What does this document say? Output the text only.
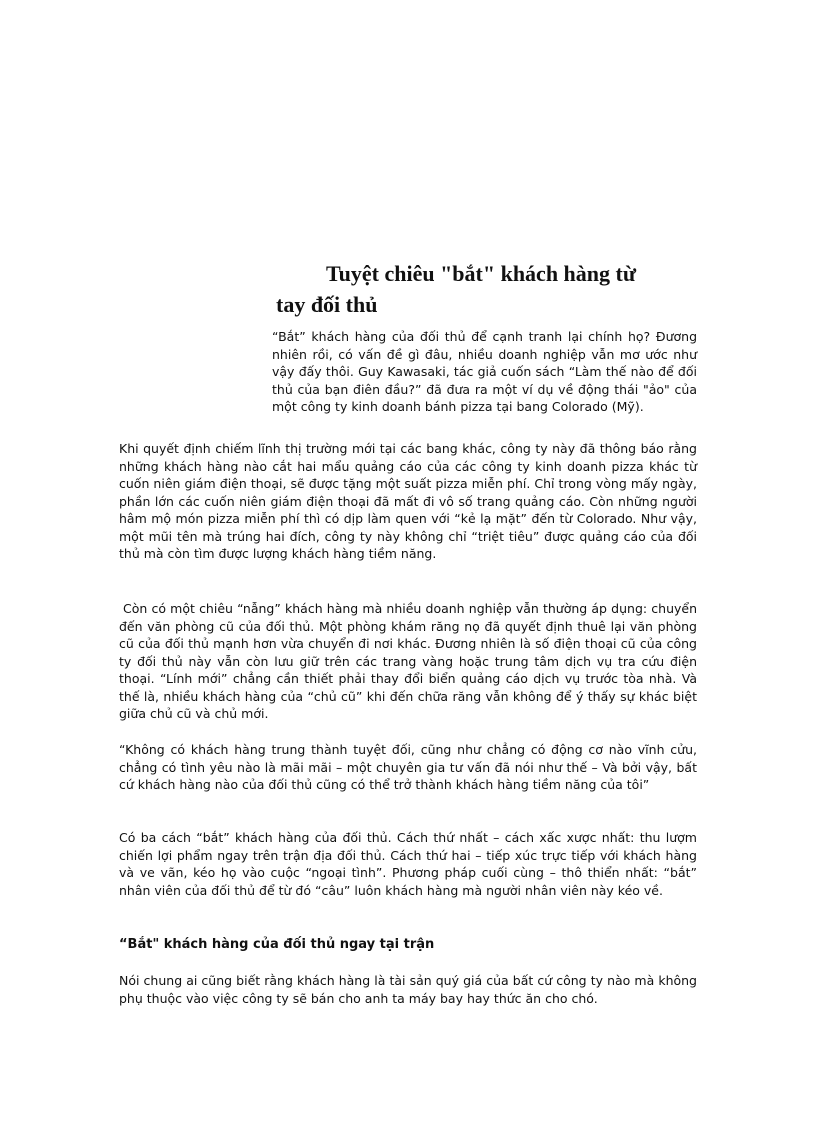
Tuyệt chiêu "bắt" khách hàng từ
tay đối thủ

“Bắt” khách hàng của đối thủ để cạnh tranh lại chính họ? Đương nhiên rồi, có vấn đề gì đâu, nhiều doanh nghiệp vẫn mơ ước như vậy đấy thôi. Guy Kawasaki, tác giả cuốn sách “Làm thế nào để đối thủ của bạn điên đầu?” đã đưa ra một ví dụ về động thái "ảo" của một công ty kinh doanh bánh pizza tại bang Colorado (Mỹ).

Khi quyết định chiếm lĩnh thị trường mới tại các bang khác, công ty này đã thông báo rằng những khách hàng nào cắt hai mẩu quảng cáo của các công ty kinh doanh pizza khác từ cuốn niên giám điện thoại, sẽ được tặng một suất pizza miễn phí. Chỉ trong vòng mấy ngày, phần lớn các cuốn niên giám điện thoại đã mất đi vô số trang quảng cáo. Còn những người hâm mộ món pizza miễn phí thì có dịp làm quen với “kẻ lạ mặt” đến từ Colorado. Như vậy, một mũi tên mà trúng hai đích, công ty này không chỉ “triệt tiêu” được quảng cáo của đối thủ mà còn tìm được lượng khách hàng tiềm năng.

Còn có một chiêu “nẫng” khách hàng mà nhiều doanh nghiệp vẫn thường áp dụng: chuyển đến văn phòng cũ của đối thủ. Một phòng khám răng nọ đã quyết định thuê lại văn phòng cũ của đối thủ mạnh hơn vừa chuyển đi nơi khác. Đương nhiên là số điện thoại cũ của công ty đối thủ này vẫn còn lưu giữ trên các trang vàng hoặc trung tâm dịch vụ tra cứu điện thoại. “Lính mới” chẳng cần thiết phải thay đổi biển quảng cáo dịch vụ trước tòa nhà. Và thế là, nhiều khách hàng của “chủ cũ” khi đến chữa răng vẫn không để ý thấy sự khác biệt giữa chủ cũ và chủ mới.

“Không có khách hàng trung thành tuyệt đối, cũng như chẳng có động cơ nào vĩnh cửu, chẳng có tình yêu nào là mãi mãi – một chuyên gia tư vấn đã nói như thế – Và bởi vậy, bất cứ khách hàng nào của đối thủ cũng có thể trở thành khách hàng tiềm năng của tôi”

Có ba cách “bắt” khách hàng của đối thủ. Cách thứ nhất – cách xấc xược nhất: thu lượm chiến lợi phẩm ngay trên trận địa đối thủ. Cách thứ hai – tiếp xúc trực tiếp với khách hàng và ve vãn, kéo họ vào cuộc “ngoại tình”. Phương pháp cuối cùng – thô thiển nhất: “bắt” nhân viên của đối thủ để từ đó “câu” luôn khách hàng mà người nhân viên này kéo về.

“Bắt" khách hàng của đối thủ ngay tại trận

Nói chung ai cũng biết rằng khách hàng là tài sản quý giá của bất cứ công ty nào mà không phụ thuộc vào việc công ty sẽ bán cho anh ta máy bay hay thức ăn cho chó.
